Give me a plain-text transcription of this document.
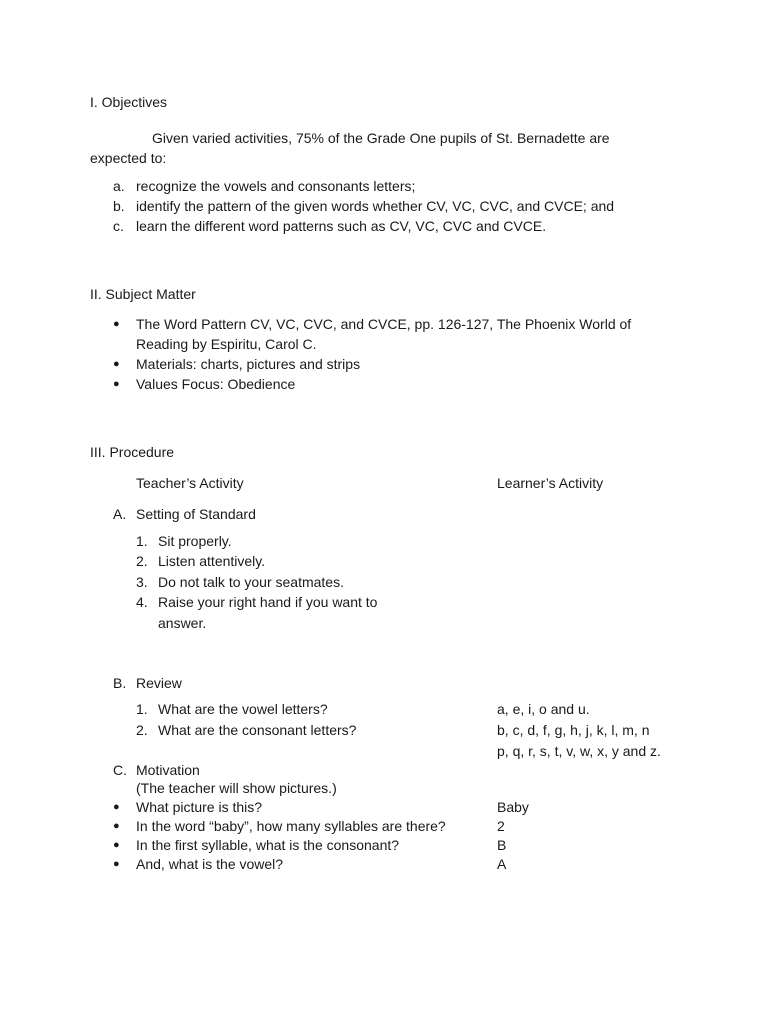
I. Objectives
Given varied activities, 75% of the Grade One pupils of St. Bernadette are
expected to:
a. recognize the vowels and consonants letters;
b. identify the pattern of the given words whether CV, VC, CVC, and CVCE; and
c. learn the different word patterns such as CV, VC, CVC and CVCE.
II. Subject Matter
● The Word Pattern CV, VC, CVC, and CVCE, pp. 126-127, The Phoenix World of
Reading by Espiritu, Carol C.
● Materials: charts, pictures and strips
● Values Focus: Obedience
III. Procedure
Teacher’s Activity	Learner’s Activity
A. Setting of Standard
1. Sit properly.
2. Listen attentively.
3. Do not talk to your seatmates.
4. Raise your right hand if you want to
answer.
B. Review
1. What are the vowel letters?	a, e, i, o and u.
2. What are the consonant letters?	b, c, d, f, g, h, j, k, l, m, n
p, q, r, s, t, v, w, x, y and z.
C. Motivation
(The teacher will show pictures.)
● What picture is this?	Baby
● In the word “baby”, how many syllables are there?	2
● In the first syllable, what is the consonant?	B
● And, what is the vowel?	A
